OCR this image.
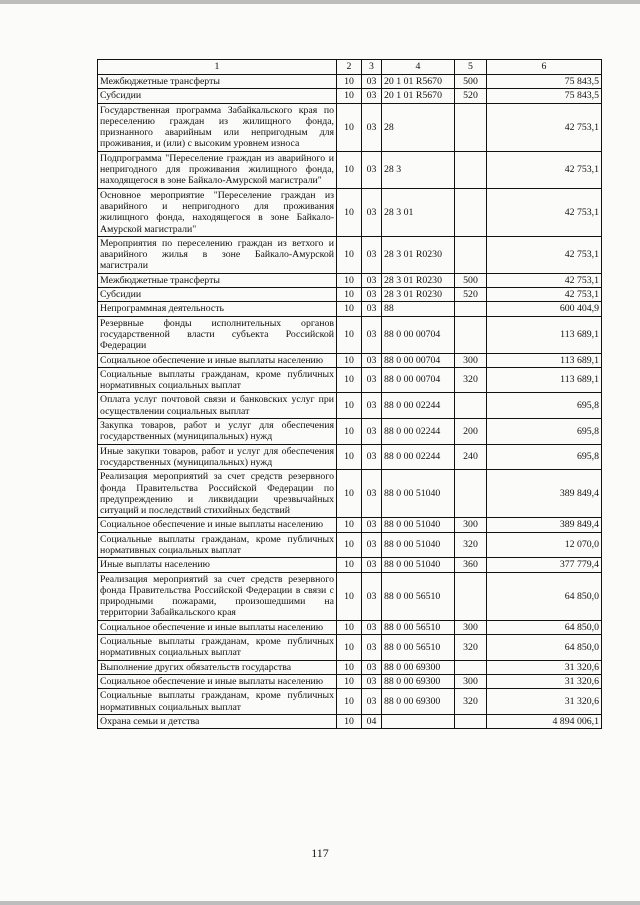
1	2	3	4	5	6
Межбюджетные трансферты	10	03	20 1 01 R5670	500	75 843,5
Субсидии	10	03	20 1 01 R5670	520	75 843,5
Государственная программа Забайкальского края по переселению граждан из жилищного фонда, признанного аварийным или непригодным для проживания, и (или) с высоким уровнем износа	10	03	28		42 753,1
Подпрограмма "Переселение граждан из аварийного и непригодного для проживания жилищного фонда, находящегося в зоне Байкало-Амурской магистрали"	10	03	28 3		42 753,1
Основное мероприятие "Переселение граждан из аварийного и непригодного для проживания жилищного фонда, находящегося в зоне Байкало-Амурской магистрали"	10	03	28 3 01		42 753,1
Мероприятия по переселению граждан из ветхого и аварийного жилья в зоне Байкало-Амурской магистрали	10	03	28 3 01 R0230		42 753,1
Межбюджетные трансферты	10	03	28 3 01 R0230	500	42 753,1
Субсидии	10	03	28 3 01 R0230	520	42 753,1
Непрограммная деятельность	10	03	88		600 404,9
Резервные фонды исполнительных органов государственной власти субъекта Российской Федерации	10	03	88 0 00 00704		113 689,1
Социальное обеспечение и иные выплаты населению	10	03	88 0 00 00704	300	113 689,1
Социальные выплаты гражданам, кроме публичных нормативных социальных выплат	10	03	88 0 00 00704	320	113 689,1
Оплата услуг почтовой связи и банковских услуг при осуществлении социальных выплат	10	03	88 0 00 02244		695,8
Закупка товаров, работ и услуг для обеспечения государственных (муниципальных) нужд	10	03	88 0 00 02244	200	695,8
Иные закупки товаров, работ и услуг для обеспечения государственных (муниципальных) нужд	10	03	88 0 00 02244	240	695,8
Реализация мероприятий за счет средств резервного фонда Правительства Российской Федерации по предупреждению и ликвидации чрезвычайных ситуаций и последствий стихийных бедствий	10	03	88 0 00 51040		389 849,4
Социальное обеспечение и иные выплаты населению	10	03	88 0 00 51040	300	389 849,4
Социальные выплаты гражданам, кроме публичных нормативных социальных выплат	10	03	88 0 00 51040	320	12 070,0
Иные выплаты населению	10	03	88 0 00 51040	360	377 779,4
Реализация мероприятий за счет средств резервного фонда Правительства Российской Федерации в связи с природными пожарами, произошедшими на территории Забайкальского края	10	03	88 0 00 56510		64 850,0
Социальное обеспечение и иные выплаты населению	10	03	88 0 00 56510	300	64 850,0
Социальные выплаты гражданам, кроме публичных нормативных социальных выплат	10	03	88 0 00 56510	320	64 850,0
Выполнение других обязательств государства	10	03	88 0 00 69300		31 320,6
Социальное обеспечение и иные выплаты населению	10	03	88 0 00 69300	300	31 320,6
Социальные выплаты гражданам, кроме публичных нормативных социальных выплат	10	03	88 0 00 69300	320	31 320,6
Охрана семьи и детства	10	04			4 894 006,1
117
